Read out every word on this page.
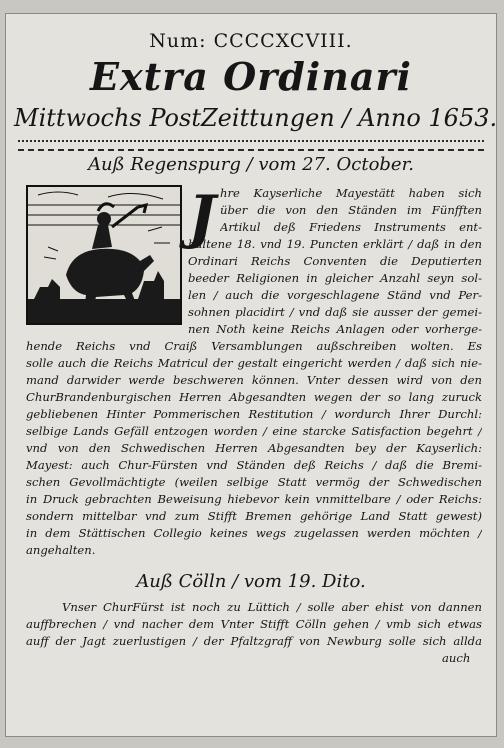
Num: CCCCXCVIII.
Extra Ordinari
Mittwochs PostZeittungen / Anno 1653.
Auß Regenspurg / vom 27. October.
J hre Kayserliche Mayestätt haben sich
über die von den Ständen im Fünfften
Artikul deß Friedens Instruments ent-
haltene 18. vnd 19. Puncten erklärt / daß in den
Ordinari Reichs Conventen die Deputierten
beeder Religionen in gleicher Anzahl seyn sol-
len / auch die vorgeschlagene Ständ vnd Per-
sohnen placidirt / vnd daß sie ausser der gemei-
nen Noth keine Reichs Anlagen oder vorherge-
hende Reichs vnd Craiß Versamblungen außschreiben wolten. Es
solle auch die Reichs Matricul der gestalt eingericht werden / daß sich nie-
mand darwider werde beschweren können. Vnter dessen wird von den
ChurBrandenburgischen Herren Abgesandten wegen der so lang zuruck
gebliebenen Hinter Pommerischen Restitution / wordurch Ihrer Durchl:
selbige Lands Gefäll entzogen worden / eine starcke Satisfaction begehrt /
vnd von den Schwedischen Herren Abgesandten bey der Kayserlich:
Mayest: auch Chur-Fürsten vnd Ständen deß Reichs / daß die Bremi-
schen Gevollmächtigte (weilen selbige Statt vermög der Schwedischen
in Druck gebrachten Beweisung hiebevor kein vnmittelbare / oder Reichs:
sondern mittelbar vnd zum Stifft Bremen gehörige Land Statt gewest)
in dem Stättischen Collegio keines wegs zugelassen werden möchten /
angehalten.
Auß Cölln / vom 19. Dito.
Vnser ChurFürst ist noch zu Lüttich / solle aber ehist von dannen
auffbrechen / vnd nacher dem Vnter Stifft Cölln gehen / vmb sich etwas
auff der Jagt zuerlustigen / der Pfaltzgraff von Newburg solle sich allda
auch
